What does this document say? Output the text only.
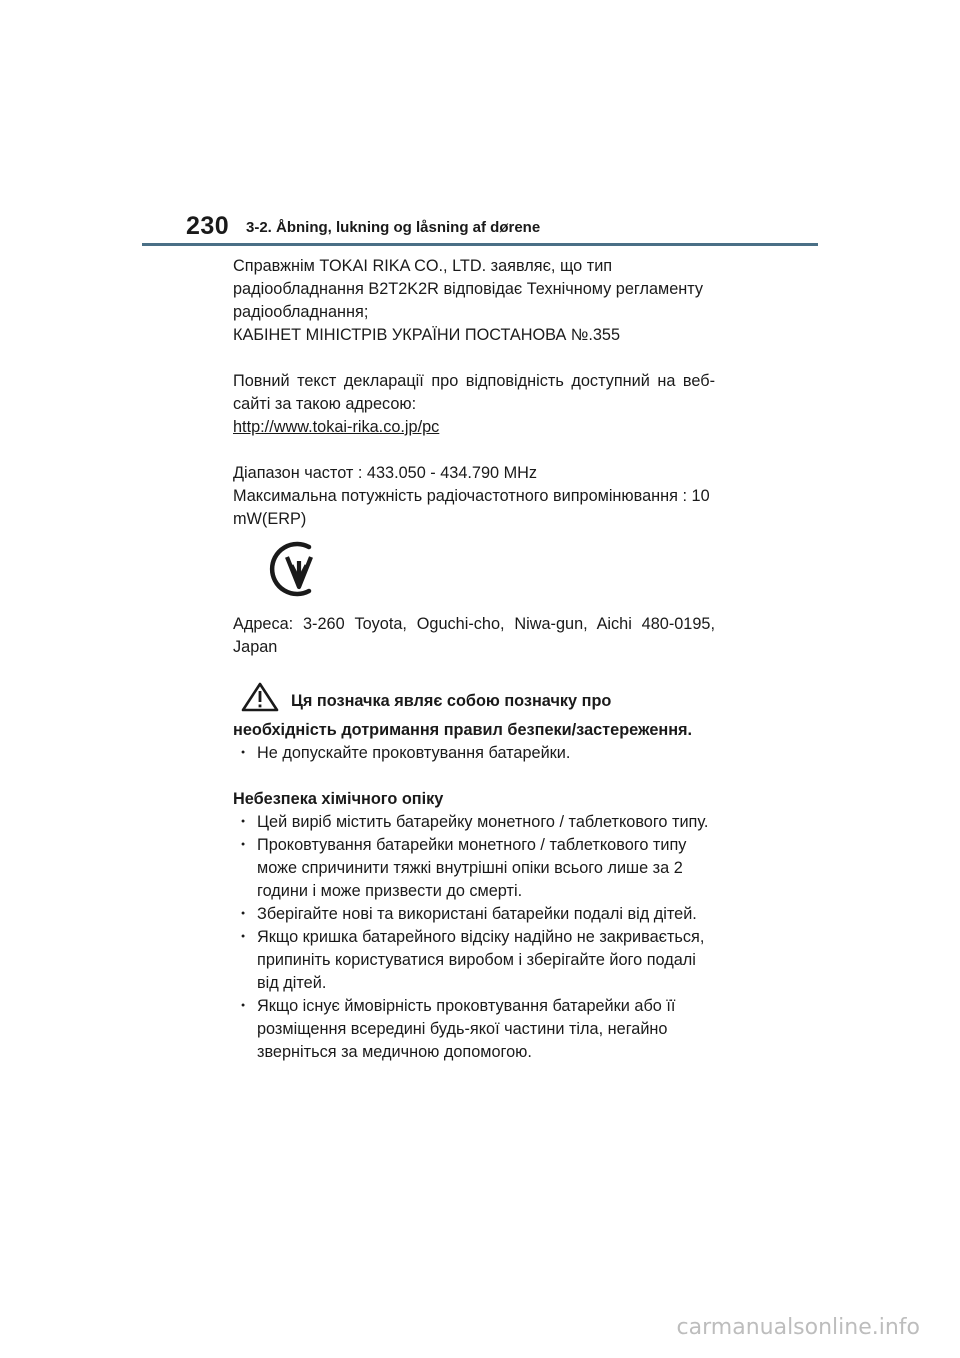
230 3-2. Åbning, lukning og låsning af dørene

Справжнім TOKAI RIKA CO., LTD. заявляє, що тип

радіообладнання B2T2K2R відповідає Технічному регламенту

радіообладнання;

КАБІНЕТ МІНІСТРІВ УКРАЇНИ ПОСТАНОВА №.355

Повний текст декларації про відповідність доступний на веб-сайті за такою адресою:

http://www.tokai-rika.co.jp/pc

Діапазон частот : 433.050 - 434.790 MHz

Максимальна потужність радіочастотного випромінювання : 10 mW(ERP)

Адреса: 3-260 Toyota, Oguchi-cho, Niwa-gun, Aichi 480-0195, Japan

Ця позначка являє собою позначку про необхідність дотримання правил безпеки/застереження.

･ Не допускайте проковтування батарейки.

Небезпека хімічного опіку

･ Цей виріб містить батарейку монетного / таблеткового типу.

･ Проковтування батарейки монетного / таблеткового типу може спричинити тяжкі внутрішні опіки всього лише за 2 години і може призвести до смерті.

･ Зберігайте нові та використані батарейки подалі від дітей.

･ Якщо кришка батарейного відсіку надійно не закривається, припиніть користуватися виробом і зберігайте його подалі від дітей.

･ Якщо існує ймовірність проковтування батарейки або її розміщення всередині будь-якої частини тіла, негайно зверніться за медичною допомогою.

carmanualsonline.info
